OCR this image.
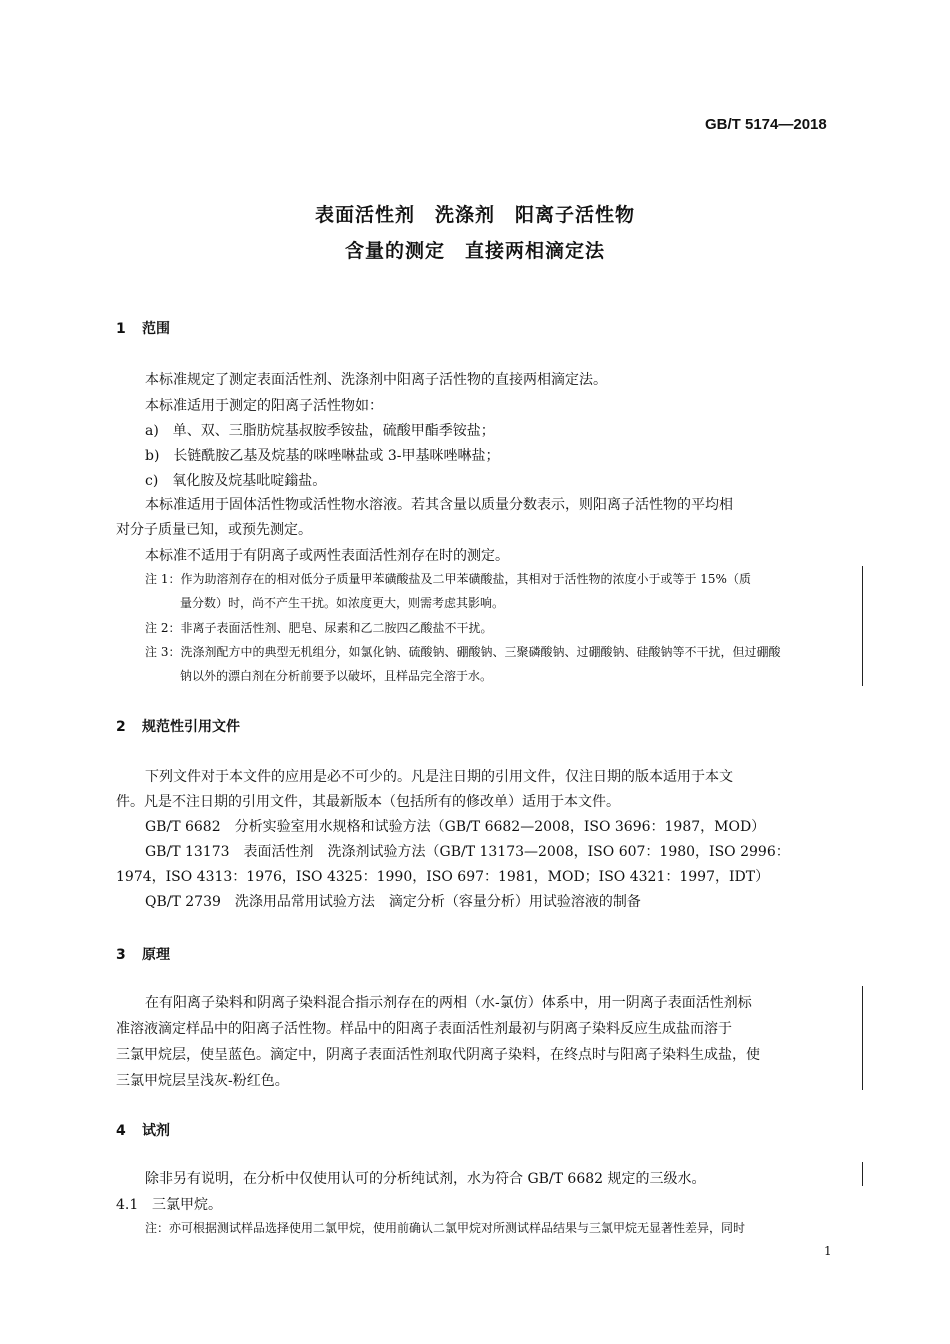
GB/T 5174—2018
表面活性剂　洗涤剂　阳离子活性物
含量的测定　直接两相滴定法
1 范围
本标准规定了测定表面活性剂、洗涤剂中阳离子活性物的直接两相滴定法。
本标准适用于测定的阳离子活性物如：
a)　单、双、三脂肪烷基叔胺季铵盐，硫酸甲酯季铵盐；
b)　长链酰胺乙基及烷基的咪唑啉盐或 3-甲基咪唑啉盐；
c)　氧化胺及烷基吡啶鎓盐。
本标准适用于固体活性物或活性物水溶液。若其含量以质量分数表示，则阳离子活性物的平均相
对分子质量已知，或预先测定。
本标准不适用于有阴离子或两性表面活性剂存在时的测定。
注 1：作为助溶剂存在的相对低分子质量甲苯磺酸盐及二甲苯磺酸盐，其相对于活性物的浓度小于或等于 15%（质
量分数）时，尚不产生干扰。如浓度更大，则需考虑其影响。
注 2：非离子表面活性剂、肥皂、尿素和乙二胺四乙酸盐不干扰。
注 3：洗涤剂配方中的典型无机组分，如氯化钠、硫酸钠、硼酸钠、三聚磷酸钠、过硼酸钠、硅酸钠等不干扰，但过硼酸
钠以外的漂白剂在分析前要予以破坏，且样品完全溶于水。
2 规范性引用文件
下列文件对于本文件的应用是必不可少的。凡是注日期的引用文件，仅注日期的版本适用于本文
件。凡是不注日期的引用文件，其最新版本（包括所有的修改单）适用于本文件。
GB/T 6682　分析实验室用水规格和试验方法（GB/T 6682—2008，ISO 3696：1987，MOD）
GB/T 13173　表面活性剂　洗涤剂试验方法（GB/T 13173—2008，ISO 607：1980，ISO 2996：
1974，ISO 4313：1976，ISO 4325：1990，ISO 697：1981，MOD；ISO 4321：1997，IDT）
QB/T 2739　洗涤用品常用试验方法　滴定分析（容量分析）用试验溶液的制备
3 原理
在有阳离子染料和阴离子染料混合指示剂存在的两相（水-氯仿）体系中，用一阴离子表面活性剂标
准溶液滴定样品中的阳离子活性物。样品中的阳离子表面活性剂最初与阴离子染料反应生成盐而溶于
三氯甲烷层，使呈蓝色。滴定中，阴离子表面活性剂取代阴离子染料，在终点时与阳离子染料生成盐，使
三氯甲烷层呈浅灰-粉红色。
4 试剂
除非另有说明，在分析中仅使用认可的分析纯试剂，水为符合 GB/T 6682 规定的三级水。
4.1 三氯甲烷。
注：亦可根据测试样品选择使用二氯甲烷，使用前确认二氯甲烷对所测试样品结果与三氯甲烷无显著性差异，同时
1
